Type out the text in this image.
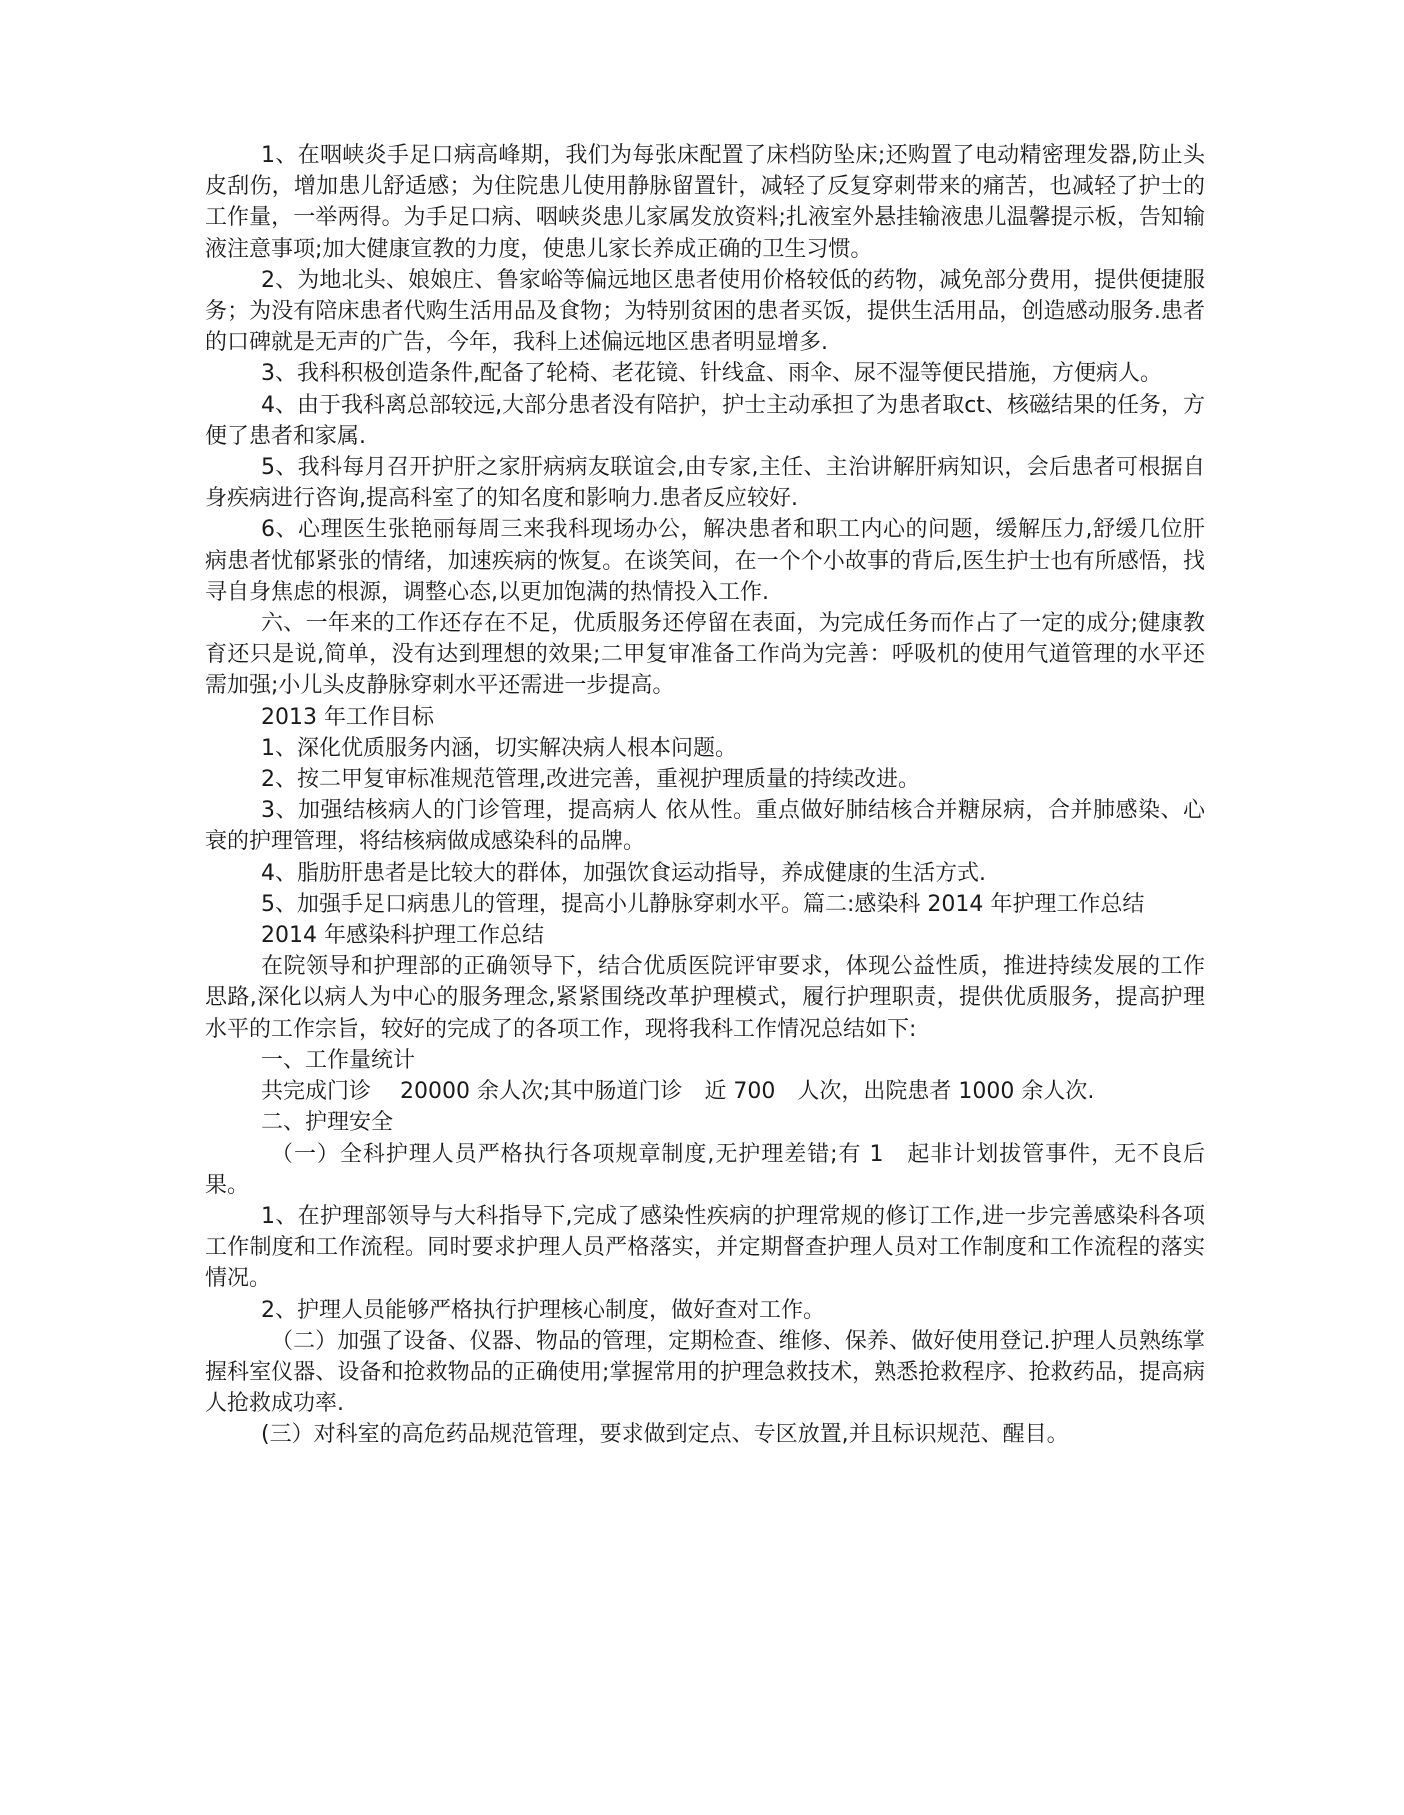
1、在咽峡炎手足口病高峰期，我们为每张床配置了床档防坠床;还购置了电动精密理发器,防止头皮刮伤，增加患儿舒适感；为住院患儿使用静脉留置针，减轻了反复穿刺带来的痛苦，也减轻了护士的工作量，一举两得。为手足口病、咽峡炎患儿家属发放资料;扎液室外悬挂输液患儿温馨提示板，告知输液注意事项;加大健康宣教的力度，使患儿家长养成正确的卫生习惯。

2、为地北头、娘娘庄、鲁家峪等偏远地区患者使用价格较低的药物，减免部分费用，提供便捷服务；为没有陪床患者代购生活用品及食物；为特别贫困的患者买饭，提供生活用品，创造感动服务.患者的口碑就是无声的广告，今年，我科上述偏远地区患者明显增多.

3、我科积极创造条件,配备了轮椅、老花镜、针线盒、雨伞、尿不湿等便民措施，方便病人。

4、由于我科离总部较远,大部分患者没有陪护，护士主动承担了为患者取ct、核磁结果的任务，方便了患者和家属.

5、我科每月召开护肝之家肝病病友联谊会,由专家,主任、主治讲解肝病知识，会后患者可根据自身疾病进行咨询,提高科室了的知名度和影响力.患者反应较好.

6、心理医生张艳丽每周三来我科现场办公，解决患者和职工内心的问题，缓解压力,舒缓几位肝病患者忧郁紧张的情绪，加速疾病的恢复。在谈笑间，在一个个小故事的背后,医生护士也有所感悟，找寻自身焦虑的根源，调整心态,以更加饱满的热情投入工作.

六、一年来的工作还存在不足，优质服务还停留在表面，为完成任务而作占了一定的成分;健康教育还只是说,简单，没有达到理想的效果;二甲复审准备工作尚为完善：呼吸机的使用气道管理的水平还需加强;小儿头皮静脉穿刺水平还需进一步提高。

2013 年工作目标

1、深化优质服务内涵，切实解决病人根本问题。

2、按二甲复审标准规范管理,改进完善，重视护理质量的持续改进。

3、加强结核病人的门诊管理，提高病人 依从性。重点做好肺结核合并糖尿病，合并肺感染、心衰的护理管理，将结核病做成感染科的品牌。

4、脂肪肝患者是比较大的群体，加强饮食运动指导，养成健康的生活方式.

5、加强手足口病患儿的管理，提高小儿静脉穿刺水平。篇二:感染科 2014 年护理工作总结

2014 年感染科护理工作总结

在院领导和护理部的正确领导下，结合优质医院评审要求，体现公益性质，推进持续发展的工作思路,深化以病人为中心的服务理念,紧紧围绕改革护理模式，履行护理职责，提供优质服务，提高护理水平的工作宗旨，较好的完成了的各项工作，现将我科工作情况总结如下:

一、工作量统计

共完成门诊　 20000 余人次;其中肠道门诊　近 700　人次，出院患者 1000 余人次.

二、护理安全

（一）全科护理人员严格执行各项规章制度,无护理差错;有 1　起非计划拔管事件，无不良后果。

1、在护理部领导与大科指导下,完成了感染性疾病的护理常规的修订工作,进一步完善感染科各项工作制度和工作流程。同时要求护理人员严格落实，并定期督查护理人员对工作制度和工作流程的落实情况。

2、护理人员能够严格执行护理核心制度，做好查对工作。

（二）加强了设备、仪器、物品的管理，定期检查、维修、保养、做好使用登记.护理人员熟练掌握科室仪器、设备和抢救物品的正确使用;掌握常用的护理急救技术，熟悉抢救程序、抢救药品，提高病人抢救成功率.

(三）对科室的高危药品规范管理，要求做到定点、专区放置,并且标识规范、醒目。
